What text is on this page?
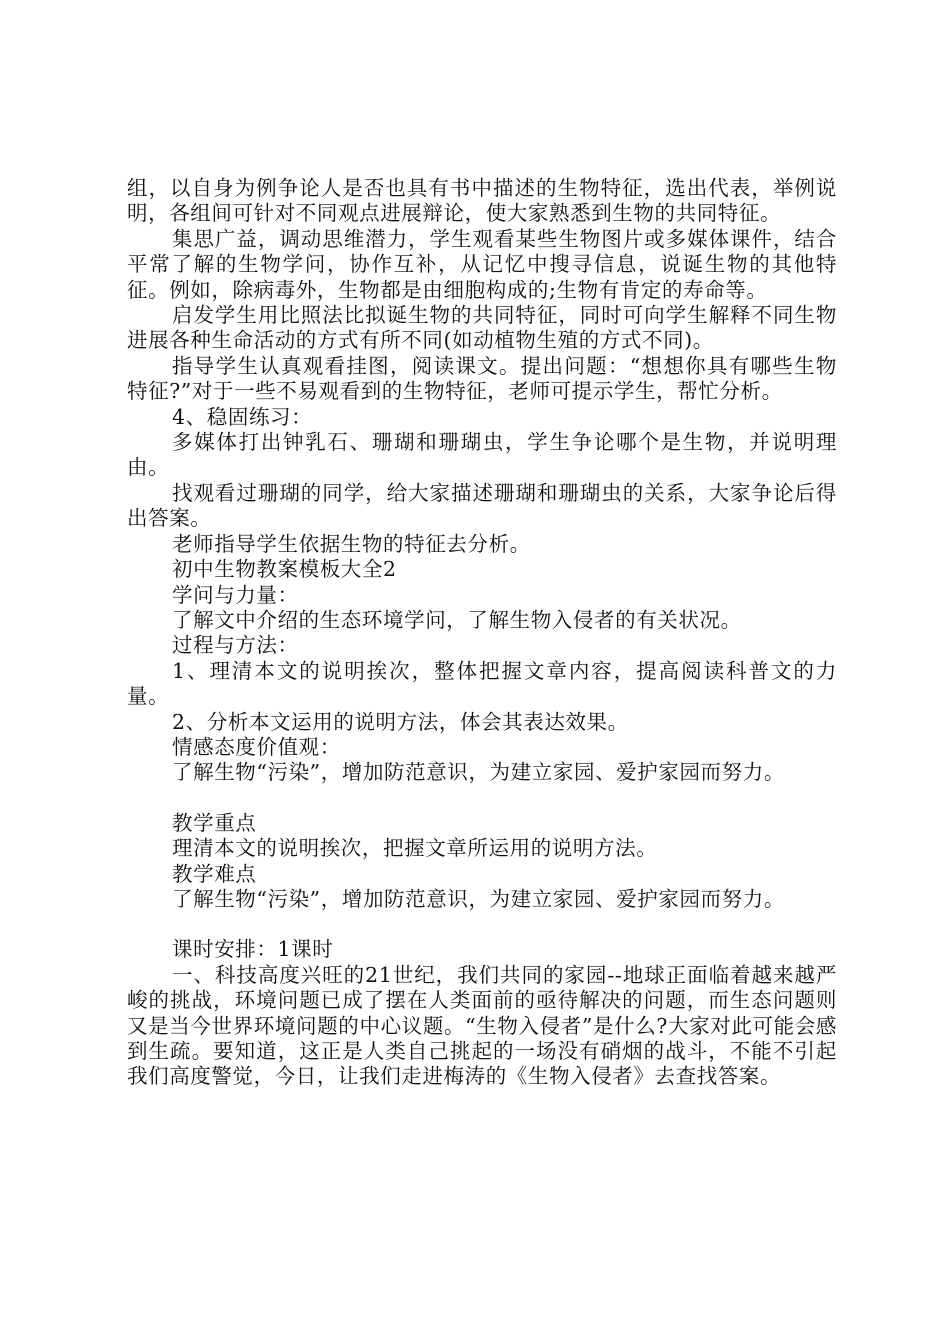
组，以自身为例争论人是否也具有书中描述的生物特征，选出代表，举例说明，各组间可针对不同观点进展辩论，使大家熟悉到生物的共同特征。

集思广益，调动思维潜力，学生观看某些生物图片或多媒体课件，结合平常了解的生物学问，协作互补，从记忆中搜寻信息，说诞生物的其他特征。例如，除病毒外，生物都是由细胞构成的;生物有肯定的寿命等。

启发学生用比照法比拟诞生物的共同特征，同时可向学生解释不同生物进展各种生命活动的方式有所不同(如动植物生殖的方式不同)。

指导学生认真观看挂图，阅读课文。提出问题：“想想你具有哪些生物特征?”对于一些不易观看到的生物特征，老师可提示学生，帮忙分析。

4、稳固练习：

多媒体打出钟乳石、珊瑚和珊瑚虫，学生争论哪个是生物，并说明理由。

找观看过珊瑚的同学，给大家描述珊瑚和珊瑚虫的关系，大家争论后得出答案。

老师指导学生依据生物的特征去分析。

初中生物教案模板大全2

学问与力量：

了解文中介绍的生态环境学问，了解生物入侵者的有关状况。

过程与方法：

1、理清本文的说明挨次，整体把握文章内容，提高阅读科普文的力量。

2、分析本文运用的说明方法，体会其表达效果。

情感态度价值观：

了解生物“污染”，增加防范意识，为建立家园、爱护家园而努力。

教学重点

理清本文的说明挨次，把握文章所运用的说明方法。

教学难点

了解生物“污染”，增加防范意识，为建立家园、爱护家园而努力。

课时安排：1课时

一、科技高度兴旺的21世纪，我们共同的家园--地球正面临着越来越严峻的挑战，环境问题已成了摆在人类面前的亟待解决的问题，而生态问题则又是当今世界环境问题的中心议题。“生物入侵者”是什么?大家对此可能会感到生疏。要知道，这正是人类自己挑起的一场没有硝烟的战斗，不能不引起我们高度警觉，今日，让我们走进梅涛的《生物入侵者》去查找答案。
